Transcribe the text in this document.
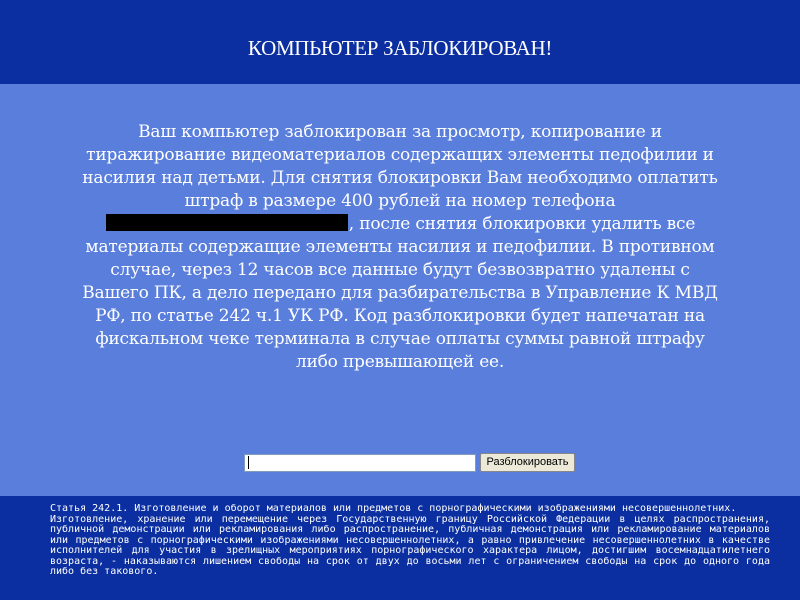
КОМПЬЮТЕР ЗАБЛОКИРОВАН!
Ваш компьютер заблокирован за просмотр, копирование и тиражирование видеоматериалов содержащих элементы педофилии и насилия над детьми. Для снятия блокировки Вам необходимо оплатить штраф в размере 400 рублей на номер телефона , после снятия блокировки удалить все материалы содержащие элементы насилия и педофилии. В противном случае, через 12 часов все данные будут безвозвратно удалены с Вашего ПК, а дело передано для разбирательства в Управление К МВД РФ, по статье 242 ч.1 УК РФ. Код разблокировки будет напечатан на фискальном чеке терминала в случае оплаты суммы равной штрафу либо превышающей ее.
Разблокировать

Статья 242.1. Изготовление и оборот материалов или предметов с порнографическими изображениями несовершеннолетних.
Изготовление, хранение или перемещение через Государственную границу Российской Федерации в целях распространения, публичной демонстрации или рекламирования либо распространение, публичная демонстрация или рекламирование материалов или предметов с порнографическими изображениями несовершеннолетних, а равно привлечение несовершеннолетних в качестве исполнителей для участия в зрелищных мероприятиях порнографического характера лицом, достигшим восемнадцатилетнего возраста, - наказываются лишением свободы на срок от двух до восьми лет с ограничением свободы на срок до одного года либо без такового.
